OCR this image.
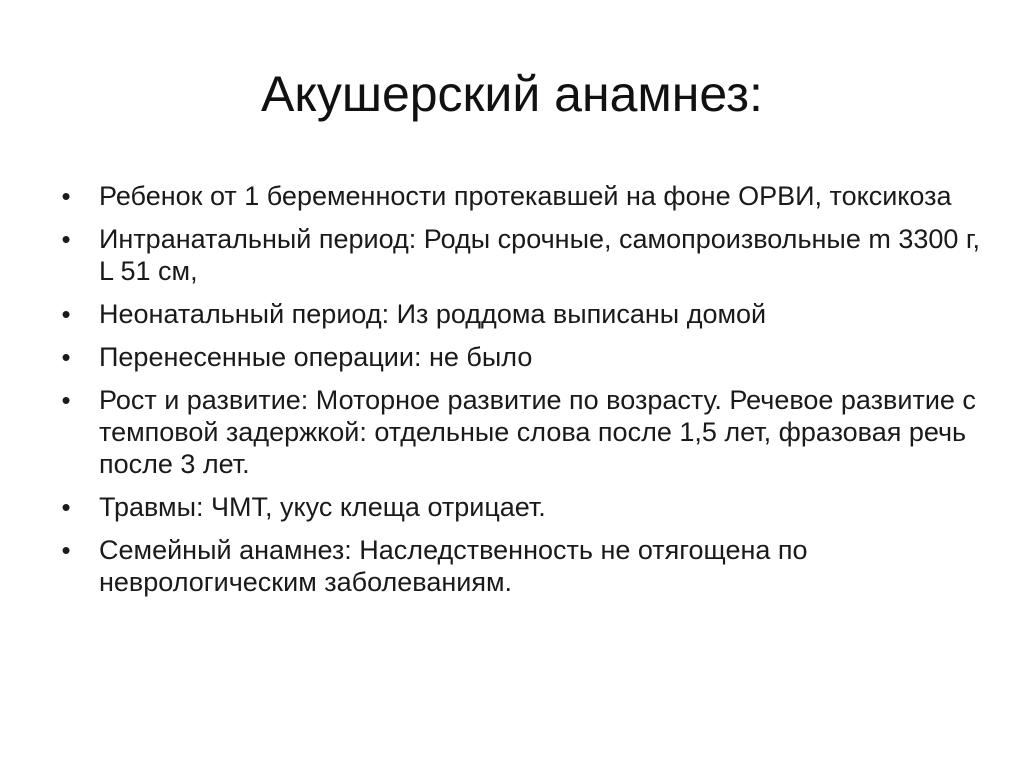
Акушерский анамнез:
• Ребенок от 1 беременности протекавшей на фоне ОРВИ, токсикоза
• Интранатальный период: Роды срочные, самопроизвольные m 3300 г, L 51 см,
• Неонатальный период: Из роддома выписаны домой
• Перенесенные операции: не было
• Рост и развитие: Моторное развитие по возрасту. Речевое развитие с темповой задержкой: отдельные слова после 1,5 лет, фразовая речь после 3 лет.
• Травмы: ЧМТ, укус клеща отрицает.
• Семейный анамнез: Наследственность не отягощена по неврологическим заболеваниям.
